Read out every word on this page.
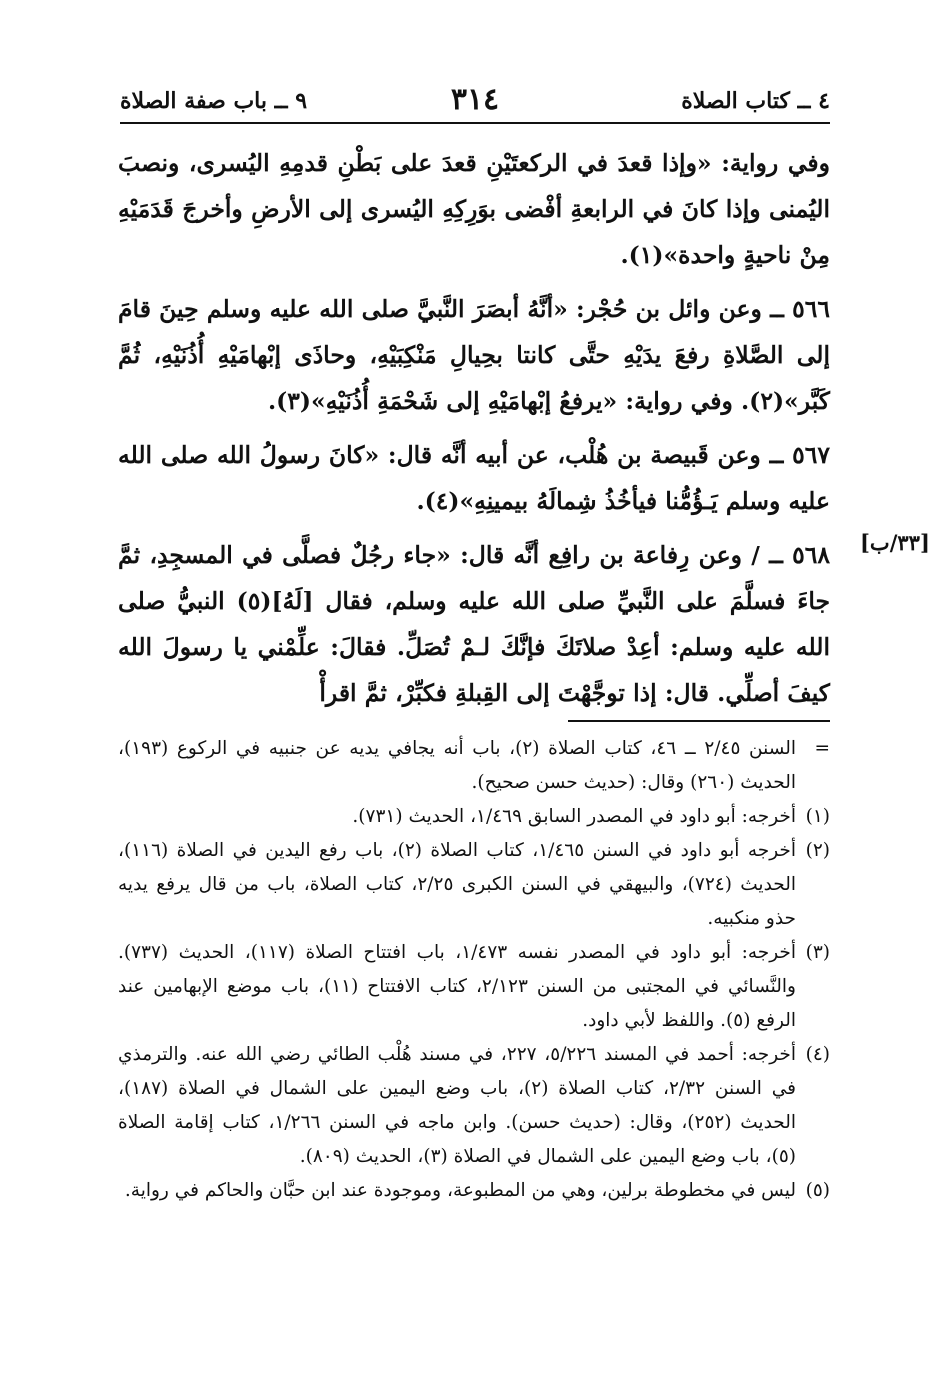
٤ ــ كتاب الصلاة
٣١٤
٩ ــ باب صفة الصلاة

وفي رواية: «وإذا قعدَ في الركعتَيْنِ قعدَ على بَطْنِ قدمِهِ اليُسرى، ونصبَ اليُمنى وإذا كانَ في الرابعةِ أفْضى بوَرِكِهِ اليُسرى إلى الأرضِ وأخرجَ قَدَمَيْهِ مِنْ ناحيةٍ واحدة»(١).

٥٦٦ ــ وعن وائل بن حُجْر: «أنَّهُ أبصَرَ النَّبيَّ صلى الله عليه وسلم حِينَ قامَ إلى الصَّلاةِ رفعَ يدَيْهِ حتَّى كانتا بحِيالِ مَنْكِبَيْهِ، وحاذَى إبْهامَيْهِ أُذُنَيْهِ، ثُمَّ كَبَّر»(٢). وفي رواية: «يرفعُ إبْهامَيْهِ إلى شَحْمَةِ أُذُنَيْهِ»(٣).

٥٦٧ ــ وعن قَبيصة بن هُلْب، عن أبيه أنَّه قال: «كانَ رسولُ الله صلى الله عليه وسلم يَـؤُمُّنا فيأخُذُ شِمالَهُ بيمينِهِ»(٤).

٥٦٨ ــ / وعن رِفاعة بن رافِع أنَّه قال: «جاء رجُلٌ فصلَّى في المسجِدِ، ثمَّ جاءَ فسلَّمَ على النَّبيِّ صلى الله عليه وسلم، فقال [لَهُ](٥) النبيُّ صلى الله عليه وسلم: أعِدْ صلاتَكَ فإنَّكَ لـمْ تُصَلِّ. فقالَ: علِّمْني يا رسولَ الله كيفَ أصلِّي. قال: إذا توجَّهْتَ إلى القِبلةِ فكبِّرْ، ثمَّ اقرأْ

[٣٣/ب]
=
السنن ٢/٤٥ ــ ٤٦، كتاب الصلاة (٢)، باب أنه يجافي يديه عن جنبيه في الركوع (١٩٣)، الحديث (٢٦٠) وقال: (حديث حسن صحيح).
(١)
أخرجه: أبو داود في المصدر السابق ١/٤٦٩، الحديث (٧٣١).
(٢)
أخرجه أبو داود في السنن ١/٤٦٥، كتاب الصلاة (٢)، باب رفع اليدين في الصلاة (١١٦)، الحديث (٧٢٤)، والبيهقي في السنن الكبرى ٢/٢٥، كتاب الصلاة، باب من قال يرفع يديه حذو منكبيه.
(٣)
أخرجه: أبو داود في المصدر نفسه ١/٤٧٣، باب افتتاح الصلاة (١١٧)، الحديث (٧٣٧). والنَّسائي في المجتبى من السنن ٢/١٢٣، كتاب الافتتاح (١١)، باب موضع الإبهامين عند الرفع (٥). واللفظ لأبي داود.
(٤)
أخرجه: أحمد في المسند ٥/٢٢٦، ٢٢٧، في مسند هُلْب الطائي رضي الله عنه. والترمذي في السنن ٢/٣٢، كتاب الصلاة (٢)، باب وضع اليمين على الشمال في الصلاة (١٨٧)، الحديث (٢٥٢)، وقال: (حديث حسن). وابن ماجه في السنن ١/٢٦٦، كتاب إقامة الصلاة (٥)، باب وضع اليمين على الشمال في الصلاة (٣)، الحديث (٨٠٩).
(٥)
ليس في مخطوطة برلين، وهي من المطبوعة، وموجودة عند ابن حبَّان والحاكم في رواية.
